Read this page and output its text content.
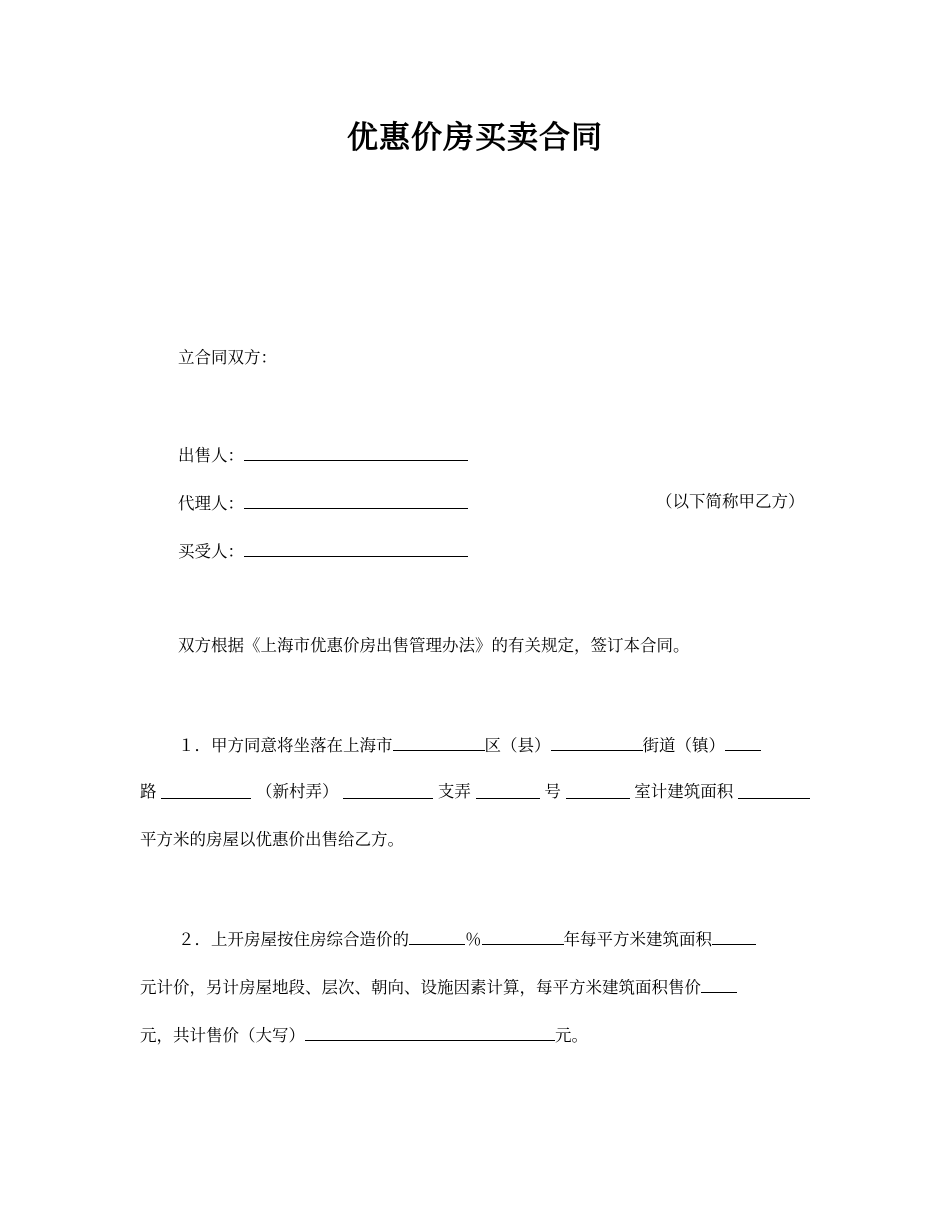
优惠价房买卖合同
立合同双方：
出售人：
代理人：	（以下简称甲乙方）
买受人：
双方根据《上海市优惠价房出售管理办法》的有关规定，签订本合同。
１．甲方同意将坐落在上海市	区（县）	街道（镇）
路	（新村弄）	支弄	号	室计建筑面积
平方米的房屋以优惠价出售给乙方。
２．上开房屋按住房综合造价的	％	年每平方米建筑面积
元计价，另计房屋地段、层次、朝向、设施因素计算，每平方米建筑面积售价
元，共计售价（大写）	元。
